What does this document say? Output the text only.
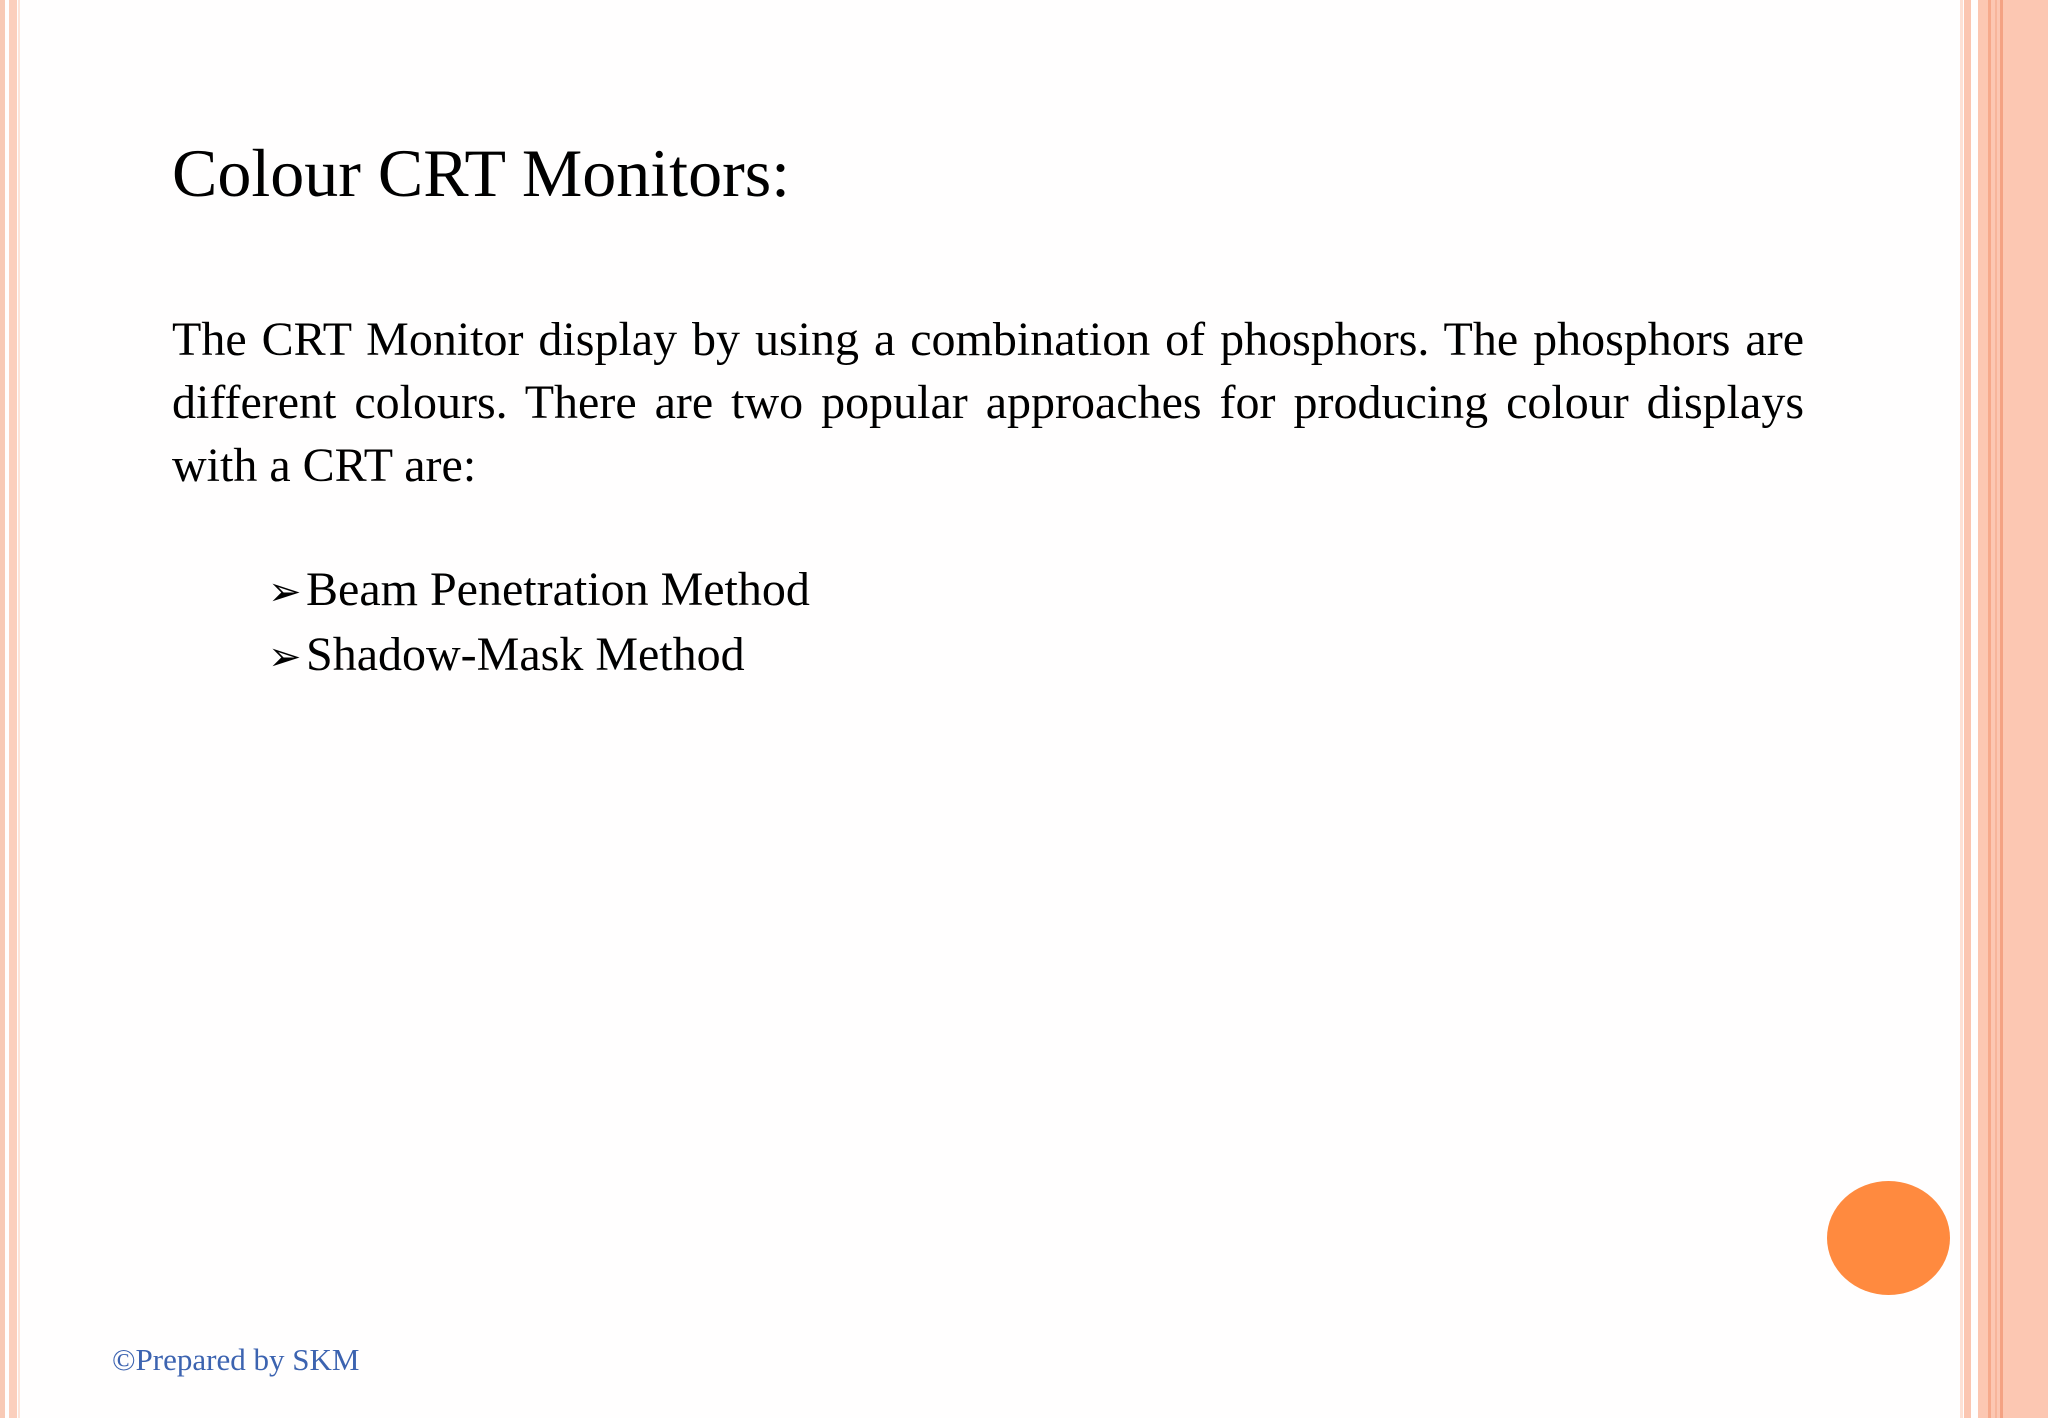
Colour CRT Monitors:
The CRT Monitor display by using a combination of phosphors. The phosphors are different colours. There are two popular approaches for producing colour displays with a CRT are:
➢ Beam Penetration Method
➢ Shadow-Mask Method
©Prepared by SKM
